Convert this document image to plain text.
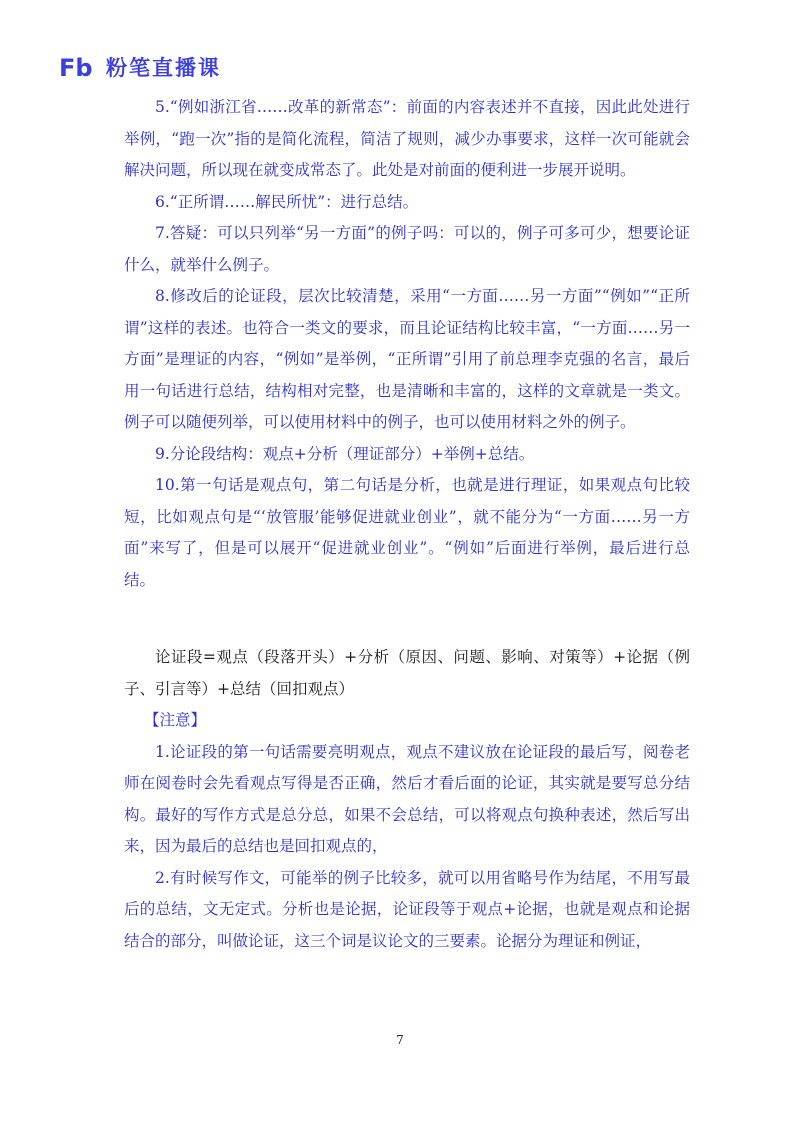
Fb 粉笔直播课

5.“例如浙江省……改革的新常态”：前面的内容表述并不直接，因此此处进行举例，“跑一次”指的是简化流程，简洁了规则，减少办事要求，这样一次可能就会解决问题，所以现在就变成常态了。此处是对前面的便利进一步展开说明。

6.“正所谓……解民所忧”：进行总结。

7.答疑：可以只列举“另一方面”的例子吗：可以的，例子可多可少，想要论证什么，就举什么例子。

8.修改后的论证段，层次比较清楚，采用“一方面……另一方面”“例如”“正所谓”这样的表述。也符合一类文的要求，而且论证结构比较丰富，“一方面……另一方面”是理证的内容，“例如”是举例，“正所谓”引用了前总理李克强的名言，最后用一句话进行总结，结构相对完整，也是清晰和丰富的，这样的文章就是一类文。例子可以随便列举，可以使用材料中的例子，也可以使用材料之外的例子。

9.分论段结构：观点+分析（理证部分）+举例+总结。

10.第一句话是观点句，第二句话是分析，也就是进行理证，如果观点句比较短，比如观点句是“‘放管服’能够促进就业创业”，就不能分为“一方面……另一方面”来写了，但是可以展开“促进就业创业”。“例如”后面进行举例，最后进行总结。

论证段=观点（段落开头）+分析（原因、问题、影响、对策等）+论据（例子、引言等）+总结（回扣观点）

【注意】

1.论证段的第一句话需要亮明观点，观点不建议放在论证段的最后写，阅卷老师在阅卷时会先看观点写得是否正确，然后才看后面的论证，其实就是要写总分结构。最好的写作方式是总分总，如果不会总结，可以将观点句换种表述，然后写出来，因为最后的总结也是回扣观点的，

2.有时候写作文，可能举的例子比较多，就可以用省略号作为结尾，不用写最后的总结，文无定式。分析也是论据，论证段等于观点+论据，也就是观点和论据结合的部分，叫做论证，这三个词是议论文的三要素。论据分为理证和例证，

7
